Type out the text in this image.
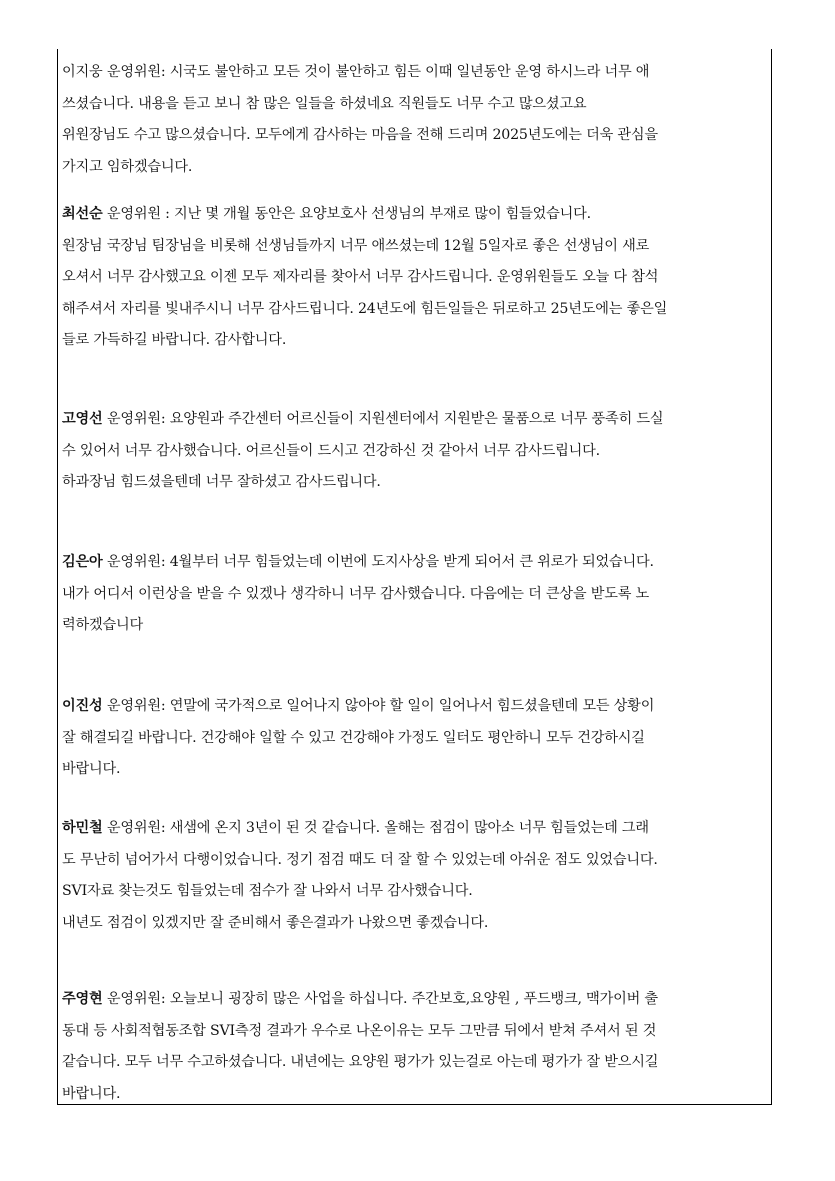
이지웅 운영위원: 시국도 불안하고 모든 것이 불안하고 힘든 이때 일년동안 운영 하시느라 너무 애
쓰셨습니다. 내용을 듣고 보니 참 많은 일들을 하셨네요 직원들도 너무 수고 많으셨고요
위원장님도 수고 많으셨습니다. 모두에게 감사하는 마음을 전해 드리며 2025년도에는 더욱 관심을
가지고 임하겠습니다.
최선순 운영위원 : 지난 몇 개월 동안은 요양보호사 선생님의 부재로 많이 힘들었습니다.
원장님 국장님 팀장님을 비롯해 선생님들까지 너무 애쓰셨는데 12월 5일자로 좋은 선생님이 새로
오셔서 너무 감사했고요 이젠 모두 제자리를 찾아서 너무 감사드립니다. 운영위원들도 오늘 다 참석
해주셔서 자리를 빛내주시니 너무 감사드립니다. 24년도에 힘든일들은 뒤로하고 25년도에는 좋은일
들로 가득하길 바랍니다. 감사합니다.
고영선 운영위원: 요양원과 주간센터 어르신들이 지원센터에서 지원받은 물품으로 너무 풍족히 드실
수 있어서 너무 감사했습니다. 어르신들이 드시고 건강하신 것 같아서 너무 감사드립니다.
하과장님 힘드셨을텐데 너무 잘하셨고 감사드립니다.
김은아 운영위원: 4월부터 너무 힘들었는데 이번에 도지사상을 받게 되어서 큰 위로가 되었습니다.
내가 어디서 이런상을 받을 수 있겠나 생각하니 너무 감사했습니다. 다음에는 더 큰상을 받도록 노
력하겠습니다
이진성 운영위원: 연말에 국가적으로 일어나지 않아야 할 일이 일어나서 힘드셨을텐데 모든 상황이
잘 해결되길 바랍니다. 건강해야 일할 수 있고 건강해야 가정도 일터도 평안하니 모두 건강하시길
바랍니다.
하민철 운영위원: 새샘에 온지 3년이 된 것 같습니다. 올해는 점검이 많아소 너무 힘들었는데 그래
도 무난히 넘어가서 다행이었습니다. 정기 점검 때도 더 잘 할 수 있었는데 아쉬운 점도 있었습니다.
SVI자료 찾는것도 힘들었는데 점수가 잘 나와서 너무 감사했습니다.
내년도 점검이 있겠지만 잘 준비해서 좋은결과가 나왔으면 좋겠습니다.
주영현 운영위원: 오늘보니 굉장히 많은 사업을 하십니다. 주간보호,요양원 , 푸드뱅크, 맥가이버 출
동대 등 사회적협동조합 SVI측정 결과가 우수로 나온이유는 모두 그만큼 뒤에서 받쳐 주셔서 된 것
같습니다. 모두 너무 수고하셨습니다. 내년에는 요양원 평가가 있는걸로 아는데 평가가 잘 받으시길
바랍니다.
